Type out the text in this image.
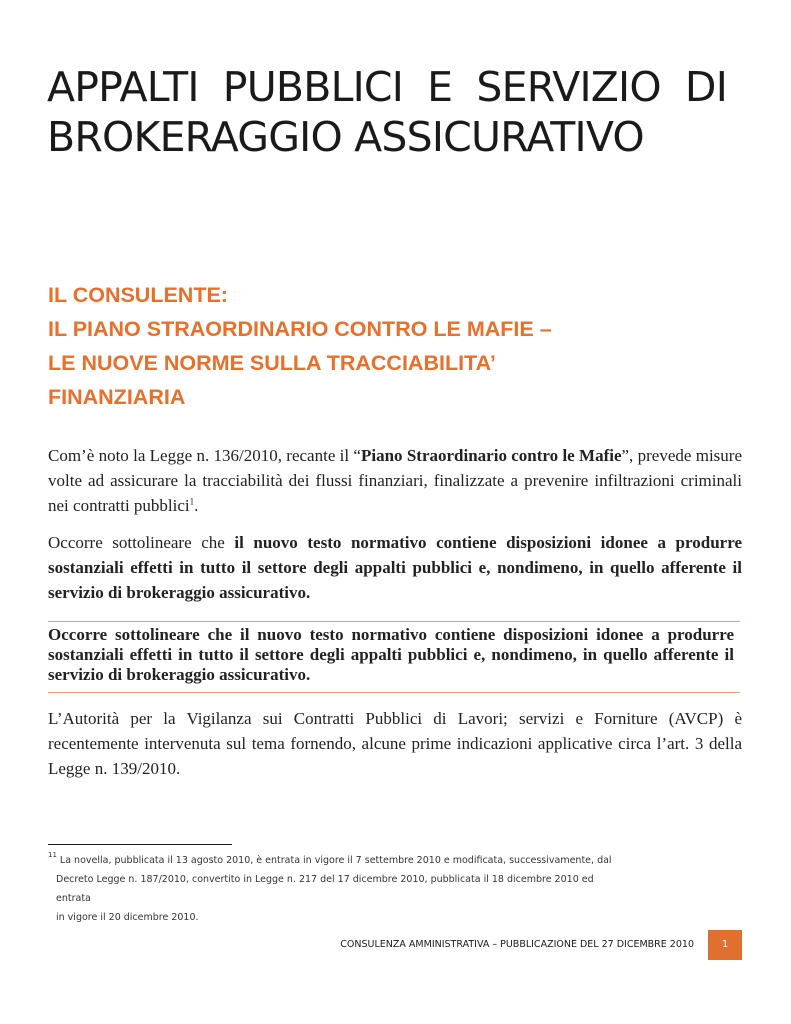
APPALTI PUBBLICI E SERVIZIO DI
BROKERAGGIO ASSICURATIVO
IL CONSULENTE:
IL PIANO STRAORDINARIO CONTRO LE MAFIE –
LE NUOVE NORME SULLA TRACCIABILITA’
FINANZIARIA

Com’è noto la Legge n. 136/2010, recante il “Piano Straordinario contro le Mafie”, prevede misure volte ad assicurare la tracciabilità dei flussi finanziari, finalizzate a prevenire infiltrazioni criminali nei contratti pubblici$^1$.

Occorre sottolineare che il nuovo testo normativo contiene disposizioni idonee a produrre sostanziali effetti in tutto il settore degli appalti pubblici e, nondimeno, in quello afferente il servizio di brokeraggio assicurativo.

Occorre sottolineare che il nuovo testo normativo contiene disposizioni idonee a produrre sostanziali effetti in tutto il settore degli appalti pubblici e, nondimeno, in quello afferente il servizio di brokeraggio assicurativo.

L’Autorità per la Vigilanza sui Contratti Pubblici di Lavori; servizi e Forniture (AVCP) è recentemente intervenuta sul tema fornendo, alcune prime indicazioni applicative circa l’art. 3 della Legge n. 139/2010.

$^{11}$ La novella, pubblicata il 13 agosto 2010, è entrata in vigore il 7 settembre 2010 e modificata, successivamente, dal
Decreto Legge n. 187/2010, convertito in Legge n. 217 del 17 dicembre 2010, pubblicata il 18 dicembre 2010 ed entrata
in vigore il 20 dicembre 2010.
CONSULENZA AMMINISTRATIVA – PUBBLICAZIONE DEL 27 DICEMBRE 2010	1
